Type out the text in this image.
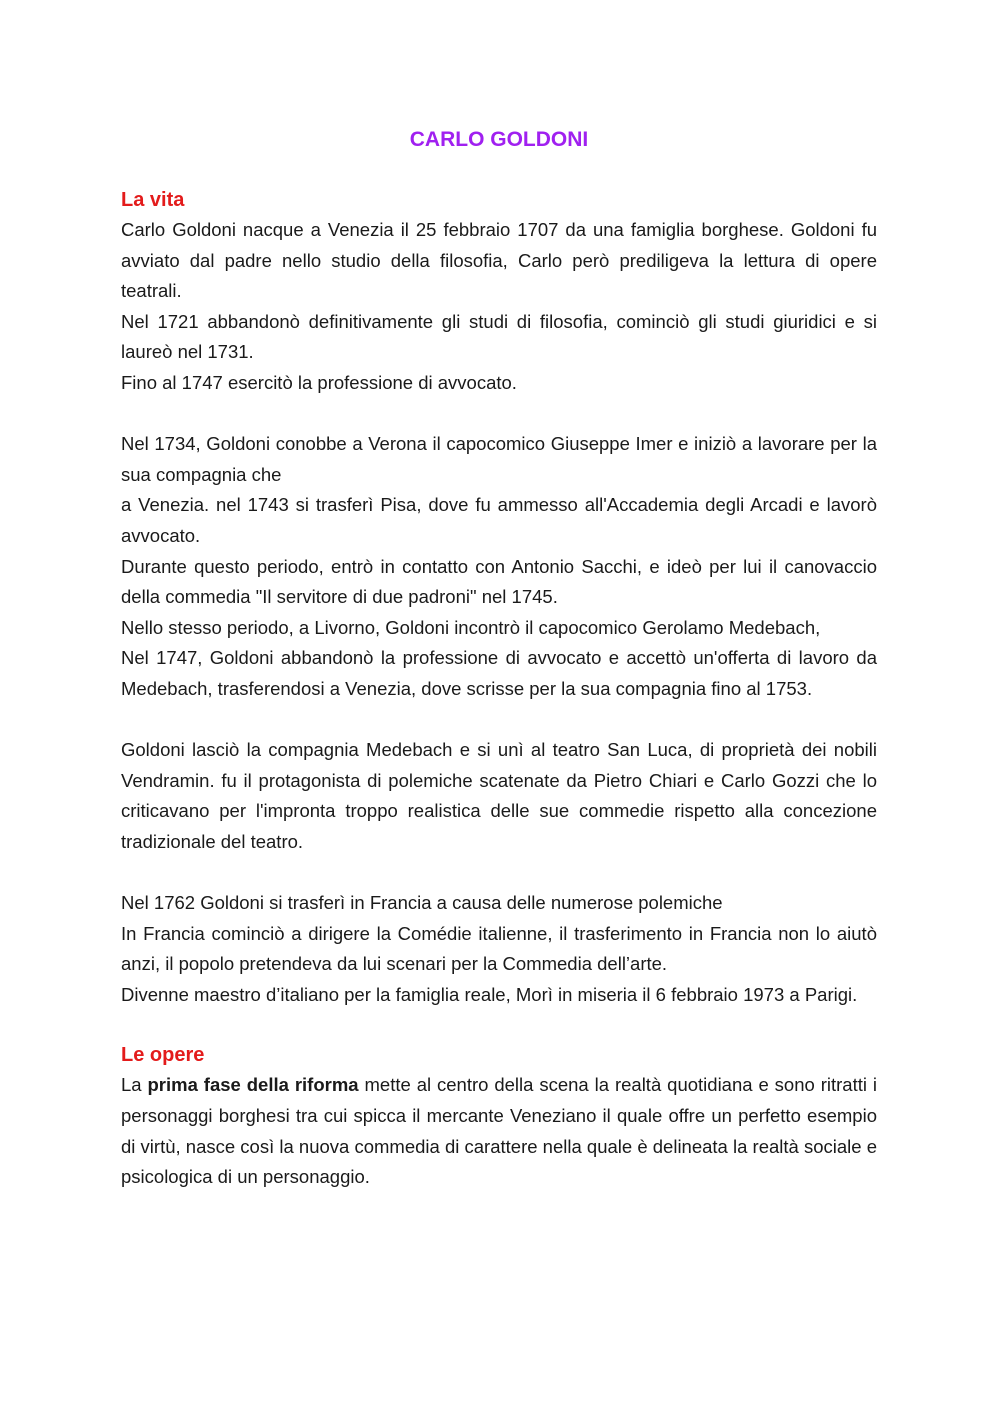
CARLO GOLDONI
La vita

Carlo Goldoni nacque a Venezia il 25 febbraio 1707 da una famiglia borghese. Goldoni fu avviato dal padre nello studio della filosofia, Carlo però prediligeva la lettura di opere teatrali.

Nel 1721 abbandonò definitivamente gli studi di filosofia, cominciò gli studi giuridici e si laureò nel 1731.

Fino al 1747 esercitò la professione di avvocato.

Nel 1734, Goldoni conobbe a Verona il capocomico Giuseppe Imer e iniziò a lavorare per la sua compagnia che

a Venezia. nel 1743 si trasferì Pisa, dove fu ammesso all'Accademia degli Arcadi e lavorò avvocato.

Durante questo periodo, entrò in contatto con Antonio Sacchi, e ideò per lui il canovaccio della commedia "Il servitore di due padroni" nel 1745.

Nello stesso periodo, a Livorno, Goldoni incontrò il capocomico Gerolamo Medebach,

Nel 1747, Goldoni abbandonò la professione di avvocato e accettò un'offerta di lavoro da Medebach, trasferendosi a Venezia, dove scrisse per la sua compagnia fino al 1753.

Goldoni lasciò la compagnia Medebach e si unì al teatro San Luca, di proprietà dei nobili Vendramin. fu il protagonista di polemiche scatenate da Pietro Chiari e Carlo Gozzi che lo criticavano per l'impronta troppo realistica delle sue commedie rispetto alla concezione tradizionale del teatro.

Nel 1762 Goldoni si trasferì in Francia a causa delle numerose polemiche

In Francia cominciò a dirigere la Comédie italienne, il trasferimento in Francia non lo aiutò anzi, il popolo pretendeva da lui scenari per la Commedia dell’arte.

Divenne maestro d’italiano per la famiglia reale, Morì in miseria il 6 febbraio 1973 a Parigi.

Le opere

La prima fase della riforma mette al centro della scena la realtà quotidiana e sono ritratti i personaggi borghesi tra cui spicca il mercante Veneziano il quale offre un perfetto esempio di virtù, nasce così la nuova commedia di carattere nella quale è delineata la realtà sociale e psicologica di un personaggio.
